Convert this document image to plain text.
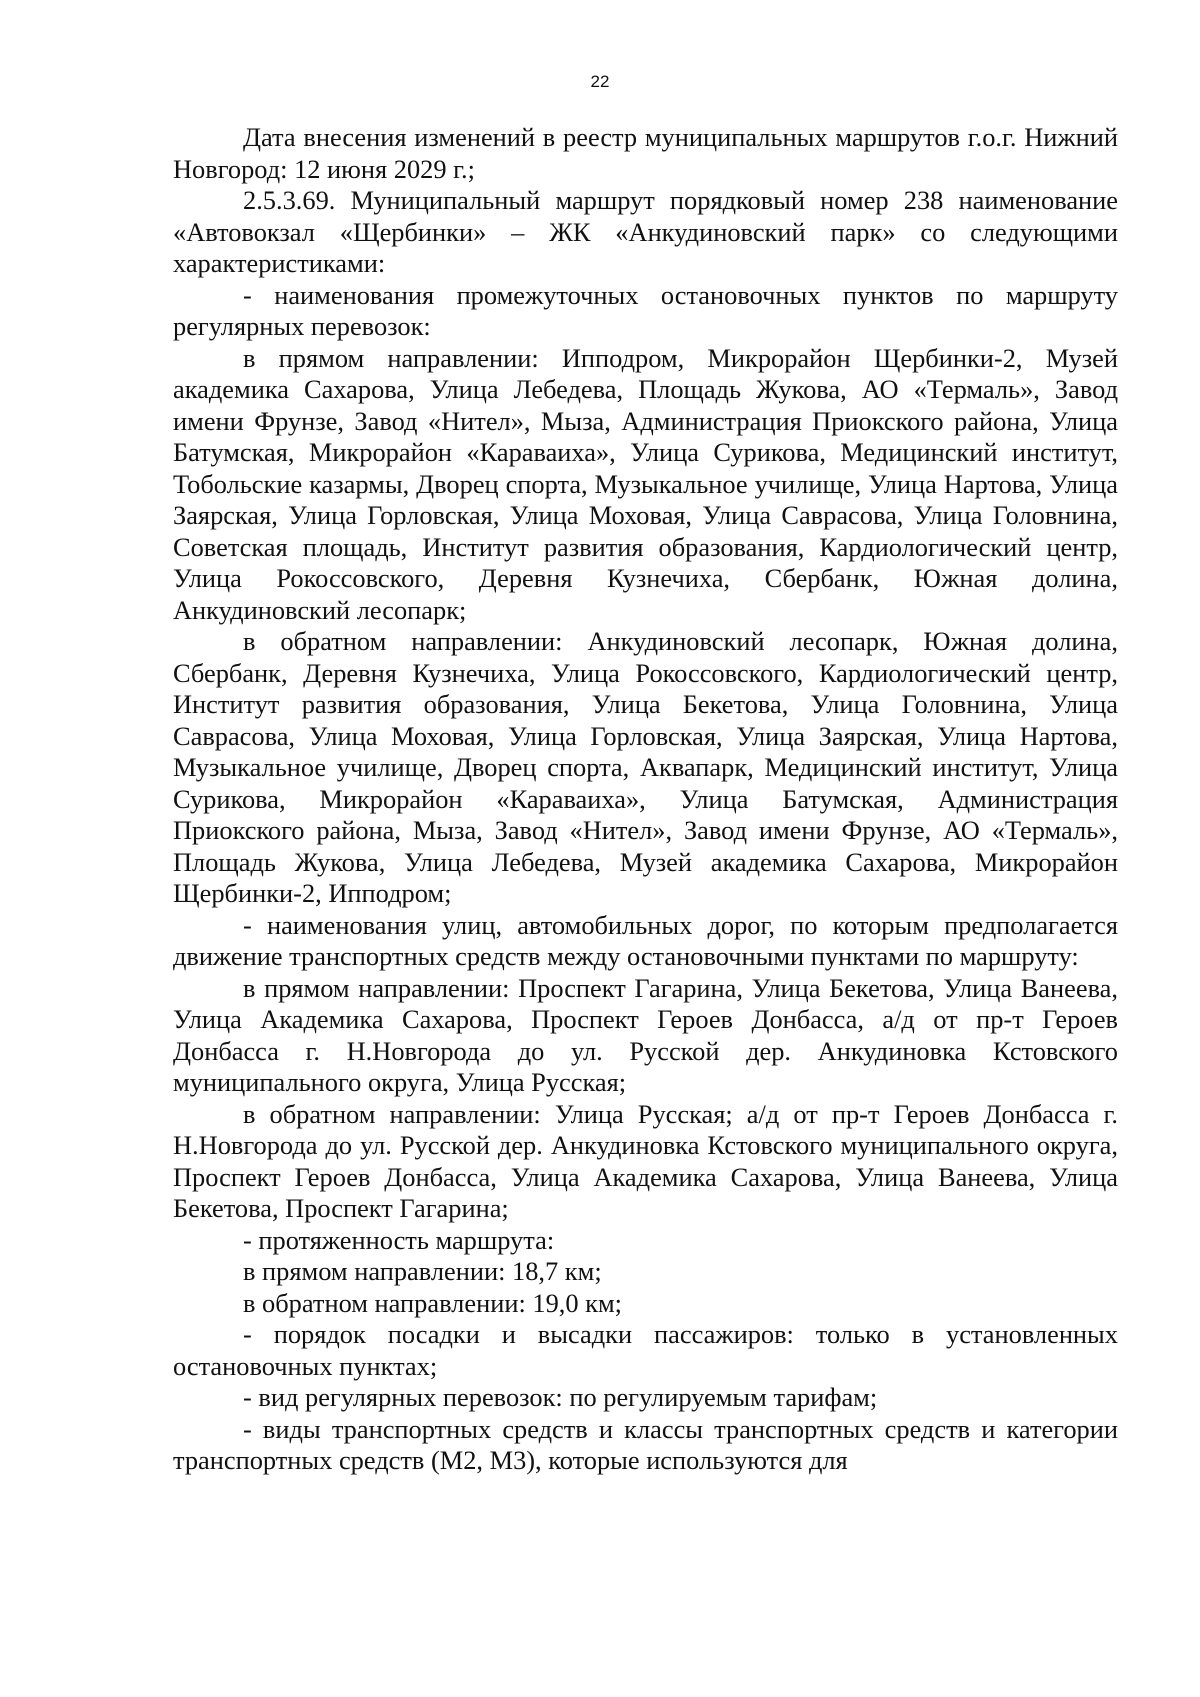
22

Дата внесения изменений в реестр муниципальных маршрутов г.о.г. Нижний Новгород: 12 июня 2029 г.;

2.5.3.69. Муниципальный маршрут порядковый номер 238 наименование «Автовокзал «Щербинки» – ЖК «Анкудиновский парк» со следующими характеристиками:

- наименования промежуточных остановочных пунктов по маршруту регулярных перевозок:

в прямом направлении: Ипподром, Микрорайон Щербинки-2, Музей академика Сахарова, Улица Лебедева, Площадь Жукова, АО «Термаль», Завод имени Фрунзе, Завод «Нител», Мыза, Администрация Приокского района, Улица Батумская, Микрорайон «Караваиха», Улица Сурикова, Медицинский институт, Тобольские казармы, Дворец спорта, Музыкальное училище, Улица Нартова, Улица Заярская, Улица Горловская, Улица Моховая, Улица Саврасова, Улица Головнина, Советская площадь, Институт развития образования, Кардиологический центр, Улица Рокоссовского, Деревня Кузнечиха, Сбербанк, Южная долина, Анкудиновский лесопарк;

в обратном направлении: Анкудиновский лесопарк, Южная долина, Сбербанк, Деревня Кузнечиха, Улица Рокоссовского, Кардиологический центр, Институт развития образования, Улица Бекетова, Улица Головнина, Улица Саврасова, Улица Моховая, Улица Горловская, Улица Заярская, Улица Нартова, Музыкальное училище, Дворец спорта, Аквапарк, Медицинский институт, Улица Сурикова, Микрорайон «Караваиха», Улица Батумская, Администрация Приокского района, Мыза, Завод «Нител», Завод имени Фрунзе, АО «Термаль», Площадь Жукова, Улица Лебедева, Музей академика Сахарова, Микрорайон Щербинки-2, Ипподром;

- наименования улиц, автомобильных дорог, по которым предполагается движение транспортных средств между остановочными пунктами по маршруту:

в прямом направлении: Проспект Гагарина, Улица Бекетова, Улица Ванеева, Улица Академика Сахарова, Проспект Героев Донбасса, а/д от пр-т Героев Донбасса г. Н.Новгорода до ул. Русской дер. Анкудиновка Кстовского муниципального округа, Улица Русская;

в обратном направлении: Улица Русская; а/д от пр-т Героев Донбасса г. Н.Новгорода до ул. Русской дер. Анкудиновка Кстовского муниципального округа, Проспект Героев Донбасса, Улица Академика Сахарова, Улица Ванеева, Улица Бекетова, Проспект Гагарина;

- протяженность маршрута:

в прямом направлении: 18,7 км;

в обратном направлении: 19,0 км;

- порядок посадки и высадки пассажиров: только в установленных остановочных пунктах;

- вид регулярных перевозок: по регулируемым тарифам;

- виды транспортных средств и классы транспортных средств и категории транспортных средств (М2, М3), которые используются для
